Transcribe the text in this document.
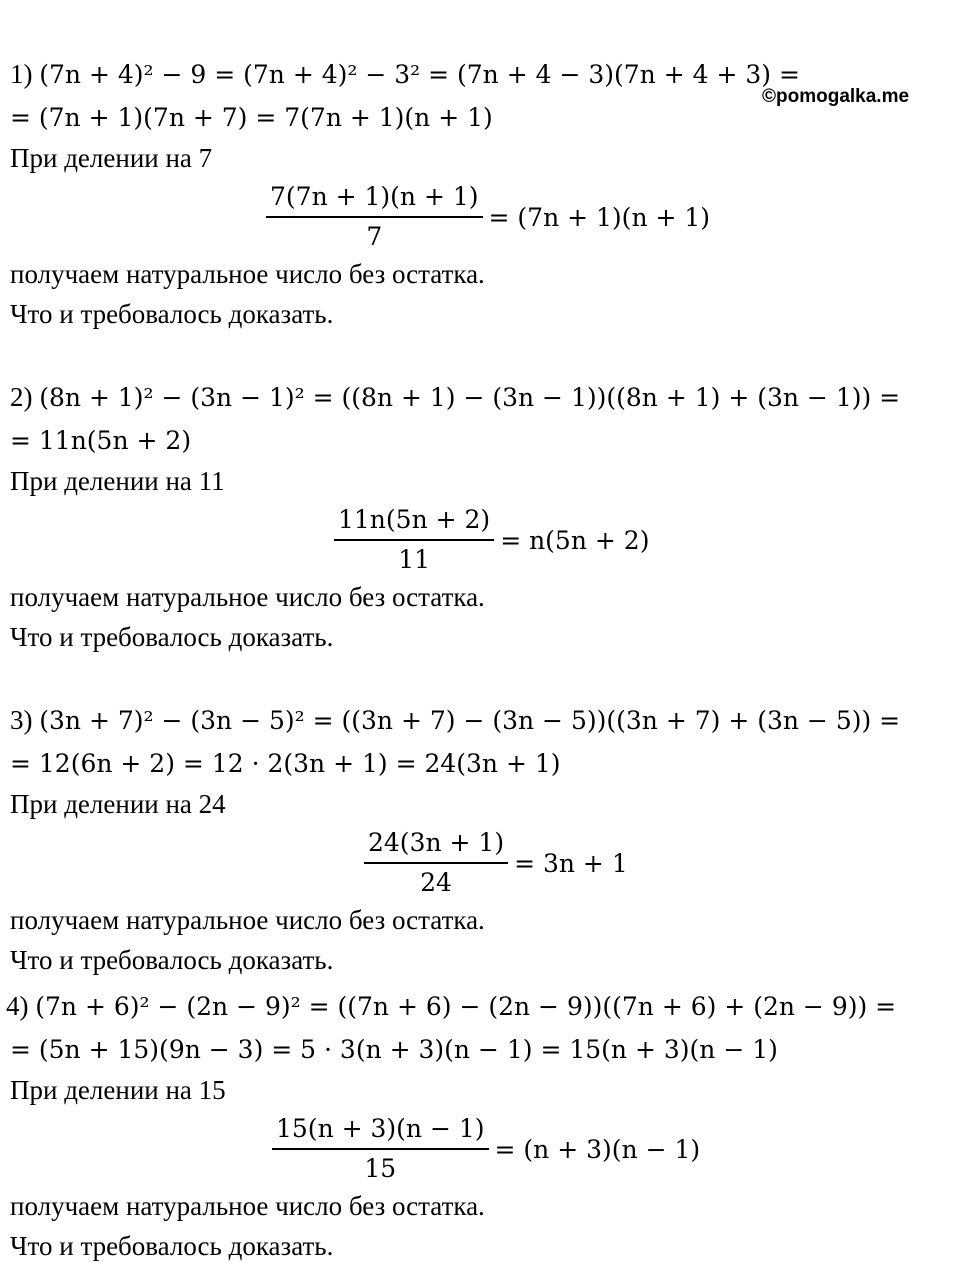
©pomogalka.me
1) (7n + 4)² − 9 = (7n + 4)² − 3² = (7n + 4 − 3)(7n + 4 + 3) =
= (7n + 1)(7n + 7) = 7(7n + 1)(n + 1)
При делении на 7
$\frac{7(7n + 1)(n + 1)}{7} = (7n + 1)(n + 1)$
получаем натуральное число без остатка.
Что и требовалось доказать.
2) (8n + 1)² − (3n − 1)² = ((8n + 1) − (3n − 1))((8n + 1) + (3n − 1)) =
= 11n(5n + 2)
При делении на 11
$\frac{11n(5n + 2)}{11} = n(5n + 2)$
получаем натуральное число без остатка.
Что и требовалось доказать.
3) (3n + 7)² − (3n − 5)² = ((3n + 7) − (3n − 5))((3n + 7) + (3n − 5)) =
= 12(6n + 2) = 12 · 2(3n + 1) = 24(3n + 1)
При делении на 24
$\frac{24(3n + 1)}{24} = 3n + 1$
получаем натуральное число без остатка.
Что и требовалось доказать.
4) (7n + 6)² − (2n − 9)² = ((7n + 6) − (2n − 9))((7n + 6) + (2n − 9)) =
= (5n + 15)(9n − 3) = 5 · 3(n + 3)(n − 1) = 15(n + 3)(n − 1)
При делении на 15
$\frac{15(n + 3)(n - 1)}{15} = (n + 3)(n - 1)$
получаем натуральное число без остатка.
Что и требовалось доказать.
